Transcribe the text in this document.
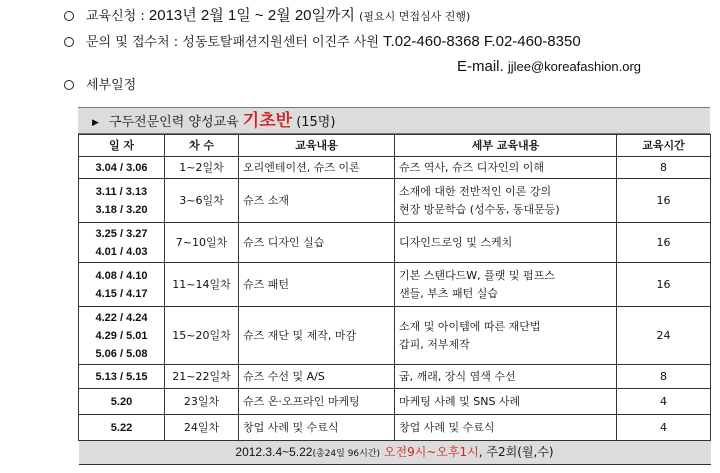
교육신청 : 2013년 2월 1일 ~ 2월 20일까지 (필요시 면접심사 진행)
문의 및 접수처 : 성동토탈패션지원센터 이진주 사원 T.02-460-8368 F.02-460-8350
E-mail. jjlee@koreafashion.org
세부일정
▶ 구두전문인력 양성교육 기초반 (15명)
일 자	차 수	교육내용	세부 교육내용	교육시간

3.04 / 3.06	1~2일차	오리엔테이션, 슈즈 이론	슈즈 역사, 슈즈 디자인의 이해	8

3.11 / 3.13
3.18 / 3.20	3~6일차	슈즈 소재	소재에 대한 전반적인 이론 강의
현장 방문학습 (성수동, 동대문등)	16

3.25 / 3.27
4.01 / 4.03	7~10일차	슈즈 디자인 실습	디자인드로잉 및 스케치	16

4.08 / 4.10
4.15 / 4.17	11~14일차	슈즈 패턴	기본 스탠다드W, 플랫 및 펌프스
샌들, 부츠 패턴 실습	16

4.22 / 4.24
4.29 / 5.01
5.06 / 5.08	15~20일차	슈즈 재단 및 제작, 마감	소재 및 아이템에 따른 재단법
갑피, 저부제작	24

5.13 / 5.15	21~22일차	슈즈 수선 및 A/S	굽, 깨래, 장식 염색 수선	8

5.20	23일차	슈즈 온·오프라인 마케팅	마케팅 사례 및 SNS 사례	4

5.22	24일차	창업 사례 및 수료식	창업 사례 및 수료식	4
2012.3.4~5.22(총24일 96시간) 오전9시~오후1시, 주2회(월,수)				
